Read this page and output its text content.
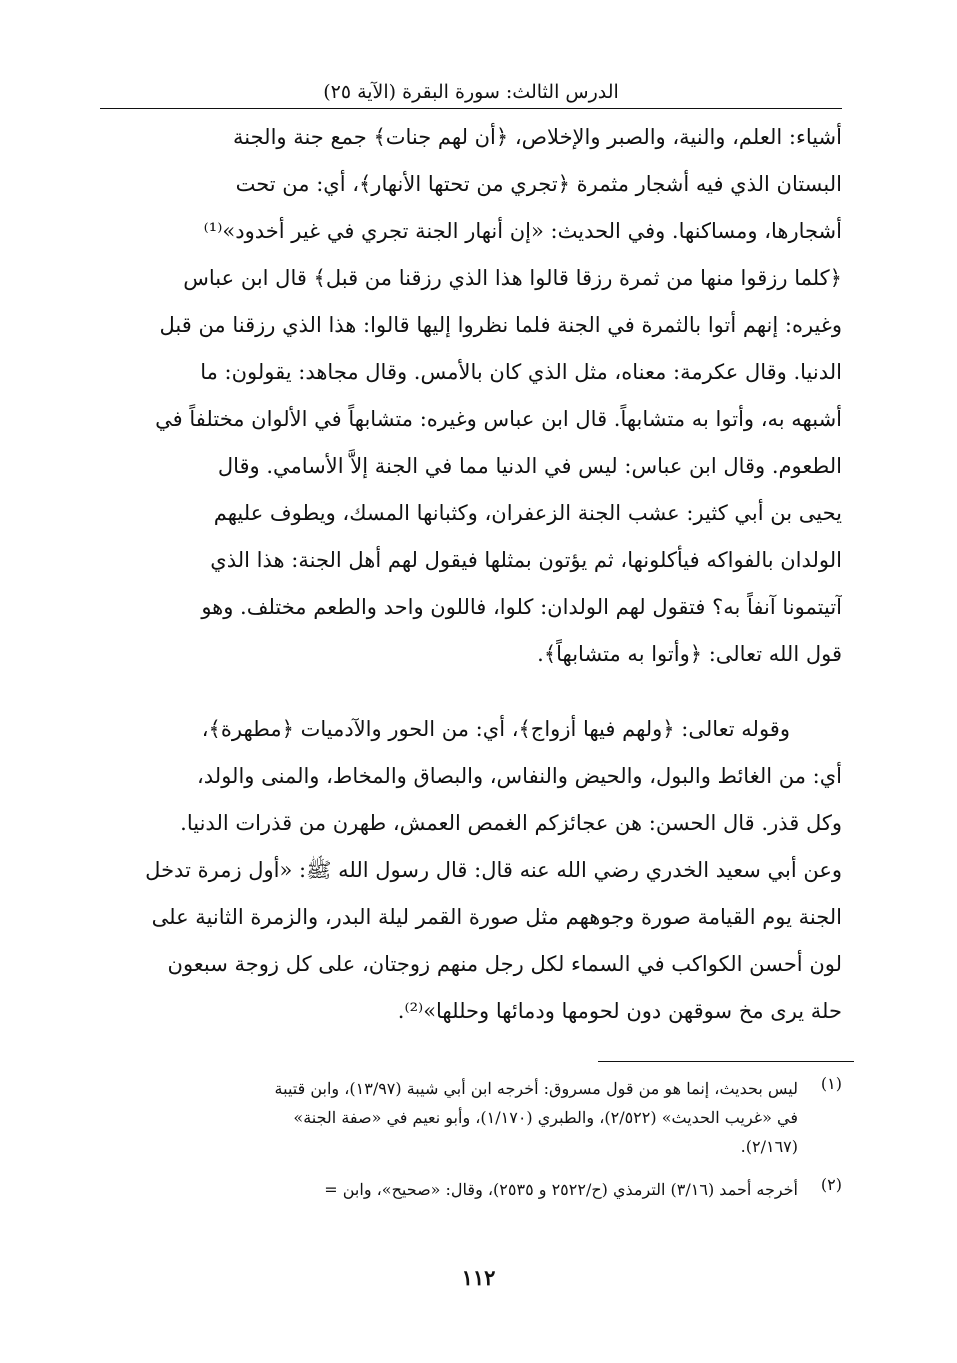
الدرس الثالث: سورة البقرة (الآية ٢٥)
أشياء: العلم، والنية، والصبر والإخلاص، ﴿أن لهم جنات﴾ جمع جنة والجنة
البستان الذي فيه أشجار مثمرة ﴿تجري من تحتها الأنهار﴾، أي: من تحت
أشجارها، ومساكنها. وفي الحديث: «إن أنهار الجنة تجري في غير أخدود»⁽¹⁾
﴿كلما رزقوا منها من ثمرة رزقا قالوا هذا الذي رزقنا من قبل﴾ قال ابن عباس
وغيره: إنهم أتوا بالثمرة في الجنة فلما نظروا إليها قالوا: هذا الذي رزقنا من قبل
الدنيا. وقال عكرمة: معناه، مثل الذي كان بالأمس. وقال مجاهد: يقولون: ما
أشبهه به، وأتوا به متشابهاً. قال ابن عباس وغيره: متشابهاً في الألوان مختلفاً في
الطعوم. وقال ابن عباس: ليس في الدنيا مما في الجنة إلاَّ الأسامي. وقال
يحيى بن أبي كثير: عشب الجنة الزعفران، وكثبانها المسك، ويطوف عليهم
الولدان بالفواكه فيأكلونها، ثم يؤتون بمثلها فيقول لهم أهل الجنة: هذا الذي
آتيتمونا آنفاً به؟ فتقول لهم الولدان: كلوا، فاللون واحد والطعم مختلف. وهو
قول الله تعالى: ﴿وأتوا به متشابهاً﴾.
وقوله تعالى: ﴿ولهم فيها أزواج﴾، أي: من الحور والآدميات ﴿مطهرة﴾،
أي: من الغائط والبول، والحيض والنفاس، والبصاق والمخاط، والمنى والولد،
وكل قذر. قال الحسن: هن عجائزكم الغمص العمش، طهرن من قذرات الدنيا.
وعن أبي سعيد الخدري رضي الله عنه قال: قال رسول الله ﷺ: «أول زمرة تدخل
الجنة يوم القيامة صورة وجوههم مثل صورة القمر ليلة البدر، والزمرة الثانية على
لون أحسن الكواكب في السماء لكل رجل منهم زوجتان، على كل زوجة سبعون
حلة يرى مخ سوقهن دون لحومها ودمائها وحللها»⁽²⁾.
(١)
ليس بحديث، إنما هو من قول مسروق: أخرجه ابن أبي شيبة (١٣/٩٧)، وابن قتيبة
في «غريب الحديث» (٢/٥٢٢)، والطبري (١/١٧٠)، وأبو نعيم في «صفة الجنة»
(٢/١٦٧).
(٢)
أخرجه أحمد (٣/١٦) الترمذي (ح/٢٥٢٢ و ٢٥٣٥)، وقال: «صحيح»، وابن =
١١٢
